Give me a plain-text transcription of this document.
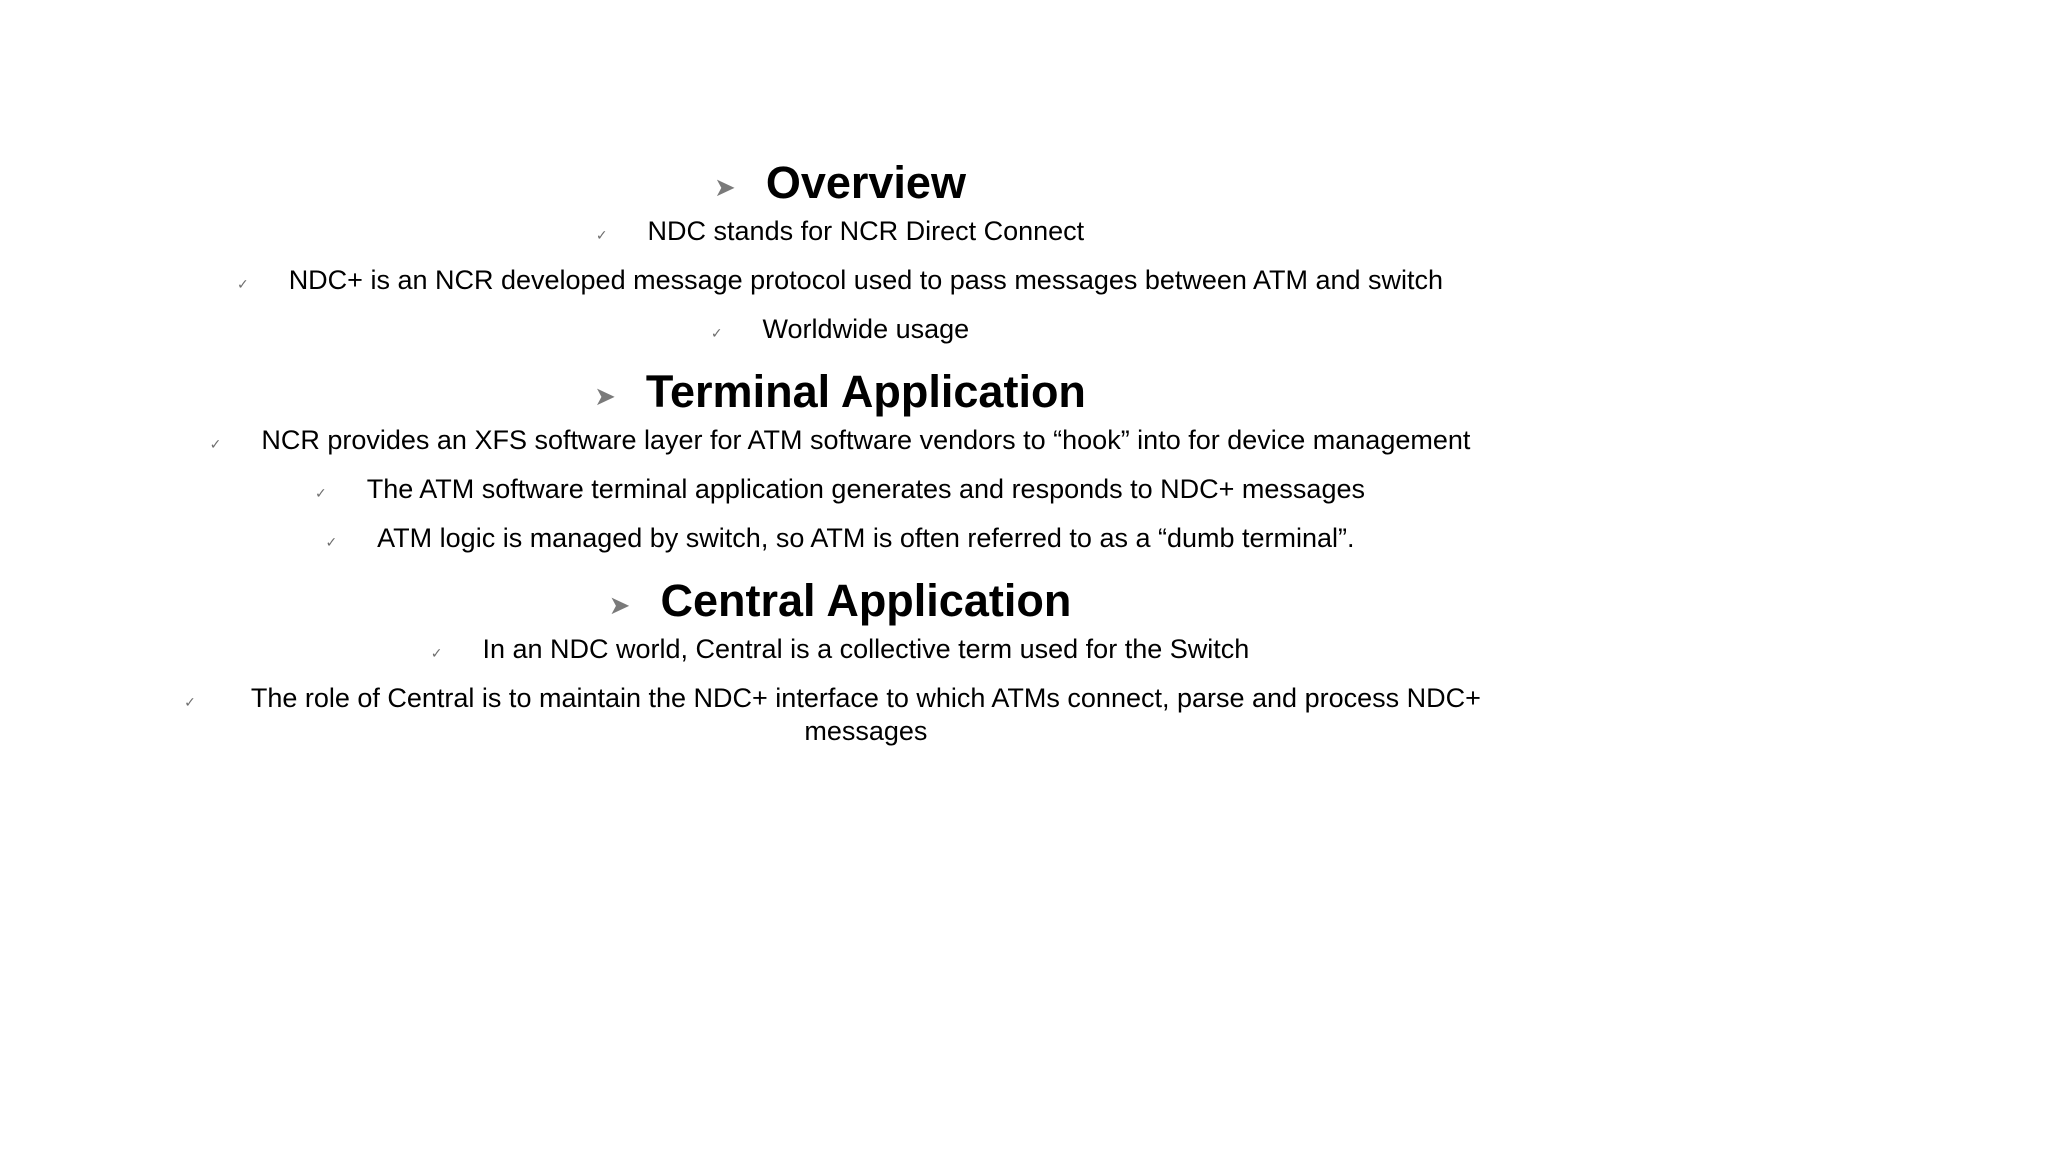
➤ Overview
✓ NDC stands for NCR Direct Connect
✓ NDC+ is an NCR developed message protocol used to pass messages between ATM and switch
✓ Worldwide usage
➤ Terminal Application
✓ NCR provides an XFS software layer for ATM software vendors to “hook” into for device management
✓ The ATM software terminal application generates and responds to NDC+ messages
✓ ATM logic is managed by switch, so ATM is often referred to as a “dumb terminal”.
➤ Central Application
✓ In an NDC world, Central is a collective term used for the Switch
✓	The role of Central is to maintain the NDC+ interface to which ATMs connect, parse and process NDC+ messages
